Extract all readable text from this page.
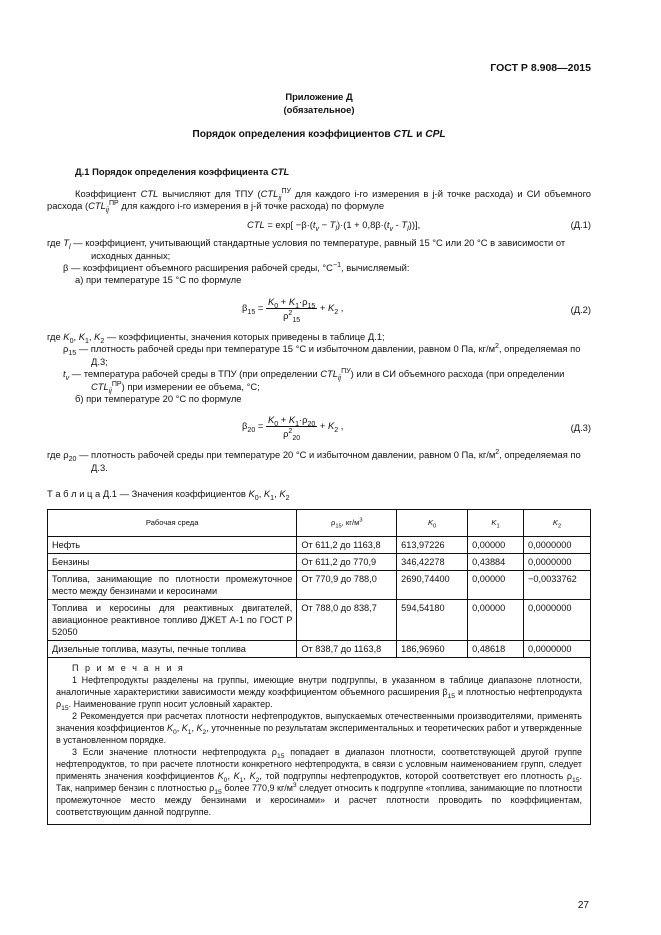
ГОСТ Р 8.908—2015
Приложение Д
(обязательное)
Порядок определения коэффициентов CTL и CPL
Д.1 Порядок определения коэффициента CTL
Коэффициент CTL вычисляют для ТПУ ($CTL_{ij}^{ПУ}$ для каждого i-го измерения в j-й точке расхода) и СИ объемного расхода ($CTL_{ij}^{ПР}$ для каждого i-го измерения в j-й точке расхода) по формуле
CTL = $\exp[ -\beta\cdot(t_v - T_l)\cdot(1 + 0,8\beta\cdot(t_v - T_l))]$,	(Д.1)
где $T_l$ — коэффициент, учитывающий стандартные условия по температуре, равный 15 °С или 20 °С в зависимости от исходных данных;
β — коэффициент объемного расширения рабочей среды, $^\circ С^{-1}$, вычисляемый:
а) при температуре 15 °С по формуле
$\beta_{15} = \frac{K_0 + K_1\cdot\rho_{15}}{\rho^2_{15}} + K_2$ ,	(Д.2)
где $K_0$, $K_1$, $K_2$ — коэффициенты, значения которых приведены в таблице Д.1;
$\rho_{15}$ — плотность рабочей среды при температуре 15 °С и избыточном давлении, равном 0 Па, $кг/м^2$, определяемая по Д.3;
$t_v$ — температура рабочей среды в ТПУ (при определении $CTL_{ij}^{ПУ}$) или в СИ объемного расхода (при определении $CTL_{ij}^{ПР}$) при измерении ее объема, °С;
б) при температуре 20 °С по формуле
$\beta_{20} = \frac{K_0 + K_1\cdot\rho_{20}}{\rho^2_{20}} + K_2$ ,	(Д.3)
где $\rho_{20}$ — плотность рабочей среды при температуре 20 °С и избыточном давлении, равном 0 Па, $кг/м^2$, определяемая по Д.3.
Т а б л и ц а Д.1 — Значения коэффициентов $K_0$, $K_1$, $K_2$
Рабочая среда	$\rho_{15}$, $кг/м^3$	$K_0$	$K_1$	$K_2$
Нефть	От 611,2 до 1163,8	613,97226	0,00000	0,0000000
Бензины	От 611,2 до 770,9	346,42278	0,43884	0,0000000
Топлива, занимающие по плотности промежуточное место между бензинами и керосинами	От 770,9 до 788,0	2690,74400	0,00000	−0,0033762
Топлива и керосины для реактивных двигателей, авиационное реактивное топливо ДЖЕТ А-1 по ГОСТ Р 52050	От 788,0 до 838,7	594,54180	0,00000	0,0000000
Дизельные топлива, мазуты, печные топлива	От 838,7 до 1163,8	186,96960	0,48618	0,0000000

П р и м е ч а н и я

1 Нефтепродукты разделены на группы, имеющие внутри подгруппы, в указанном в таблице диапазоне плотности, аналогичные характеристики зависимости между коэффициентом объемного расширения $\beta_{15}$ и плотностью нефтепродукта $\rho_{15}$. Наименование групп носит условный характер.

2 Рекомендуется при расчетах плотности нефтепродуктов, выпускаемых отечественными производителями, применять значения коэффициентов $K_0$, $K_1$, $K_2$, уточненные по результатам экспериментальных и теоретических работ и утвержденные в установленном порядке.

3 Если значение плотности нефтепродукта $\rho_{15}$ попадает в диапазон плотности, соответствующей другой группе нефтепродуктов, то при расчете плотности конкретного нефтепродукта, в связи с условным наименованием групп, следует применять значения коэффициентов $K_0$, $K_1$, $K_2$, той подгруппы нефтепродуктов, которой соответствует его плотность $\rho_{15}$. Так, например бензин с плотностью $\rho_{15}$ более 770,9 $кг/м^3$ следует относить к подгруппе «топлива, занимающие по плотности промежуточное место между бензинами и керосинами» и расчет плотности проводить по коэффициентам, соответствующим данной подгруппе.				

27
